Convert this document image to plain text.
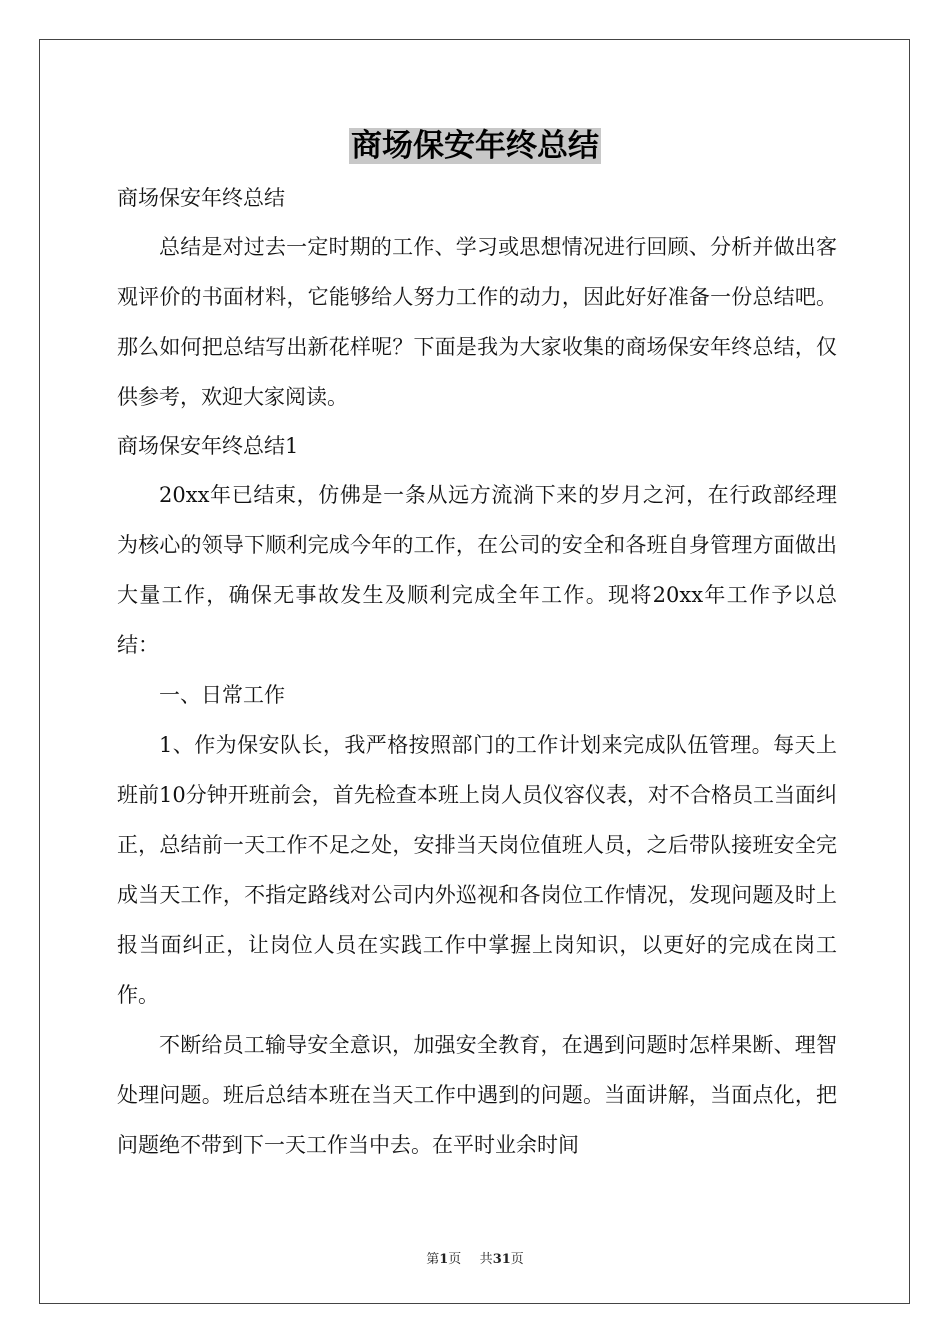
商场保安年终总结

商场保安年终总结

总结是对过去一定时期的工作、学习或思想情况进行回顾、分析并做出客观评价的书面材料，它能够给人努力工作的动力，因此好好准备一份总结吧。那么如何把总结写出新花样呢？下面是我为大家收集的商场保安年终总结，仅供参考，欢迎大家阅读。

商场保安年终总结1

20xx年已结束，仿佛是一条从远方流淌下来的岁月之河，在行政部经理为核心的领导下顺利完成今年的工作，在公司的安全和各班自身管理方面做出大量工作，确保无事故发生及顺利完成全年工作。现将20xx年工作予以总结：

一、日常工作

1、作为保安队长，我严格按照部门的工作计划来完成队伍管理。每天上班前10分钟开班前会，首先检查本班上岗人员仪容仪表，对不合格员工当面纠正，总结前一天工作不足之处，安排当天岗位值班人员，之后带队接班安全完成当天工作，不指定路线对公司内外巡视和各岗位工作情况，发现问题及时上报当面纠正，让岗位人员在实践工作中掌握上岗知识，以更好的完成在岗工作。

不断给员工输导安全意识，加强安全教育，在遇到问题时怎样果断、理智处理问题。班后总结本班在当天工作中遇到的问题。当面讲解，当面点化，把问题绝不带到下一天工作当中去。在平时业余时间

第1页 共31页
